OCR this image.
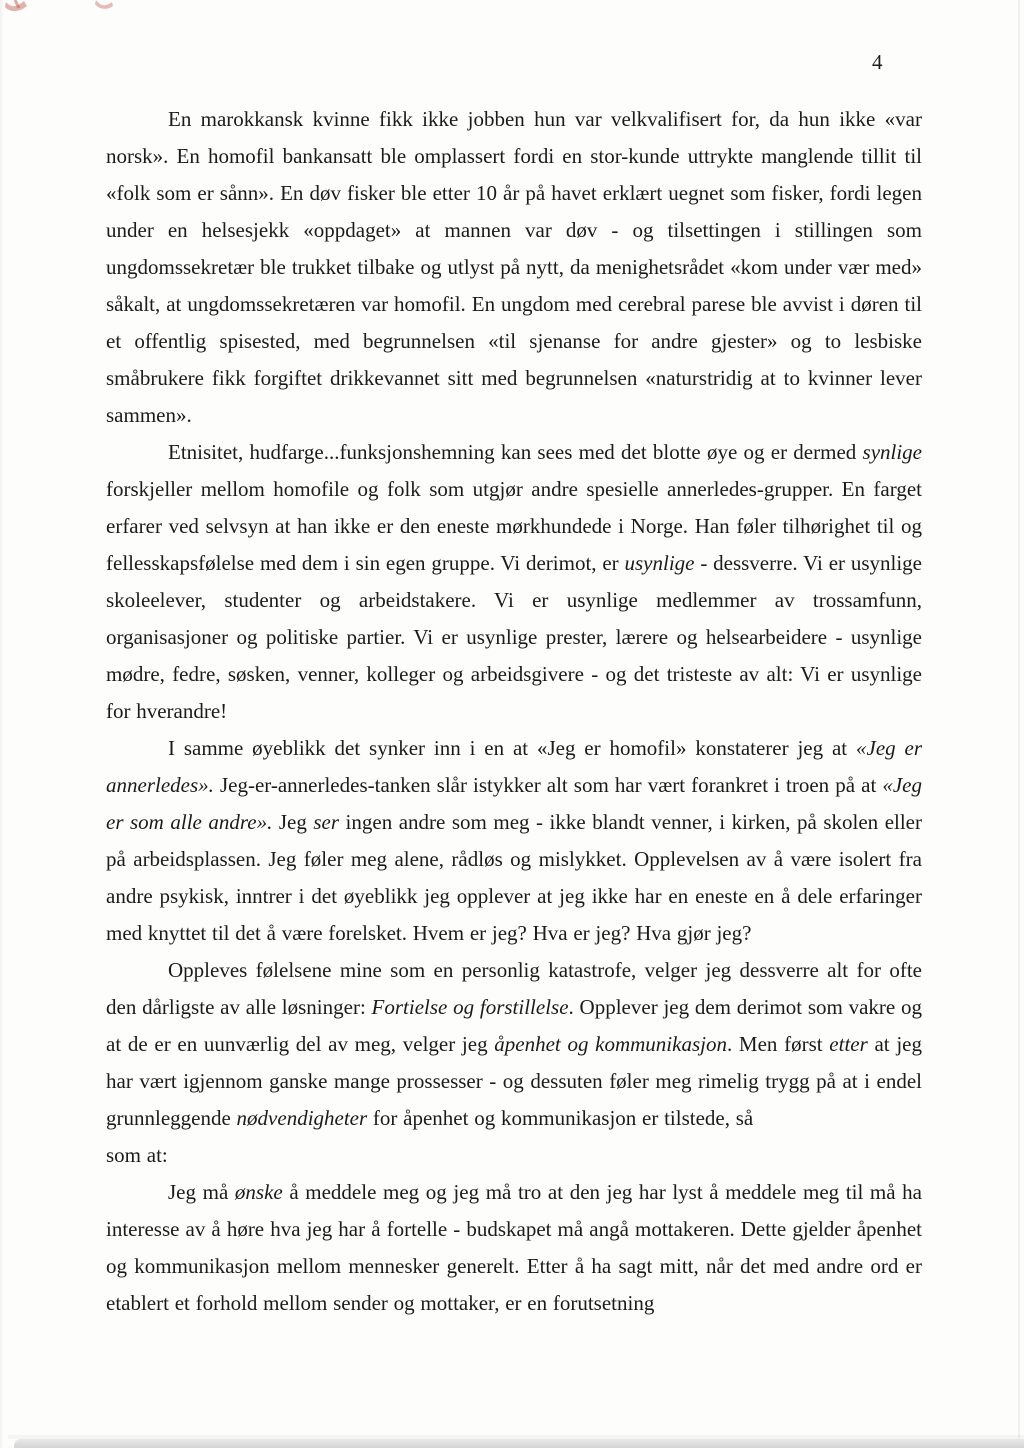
4

En marokkansk kvinne fikk ikke jobben hun var velkvalifisert for, da hun ikke «var norsk». En homofil bankansatt ble omplassert fordi en stor-kunde uttrykte manglende tillit til «folk som er sånn». En døv fisker ble etter 10 år på havet erklært uegnet som fisker, fordi legen under en helsesjekk «oppdaget» at mannen var døv - og tilsettingen i stillingen som ungdomssekretær ble trukket tilbake og utlyst på nytt, da menighetsrådet «kom under vær med» såkalt, at ungdomssekretæren var homofil. En ungdom med cerebral parese ble avvist i døren til et offentlig spisested, med begrunnelsen «til sjenanse for andre gjester» og to lesbiske småbrukere fikk forgiftet drikkevannet sitt med begrunnelsen «naturstridig at to kvinner lever sammen».

Etnisitet, hudfarge...funksjonshemning kan sees med det blotte øye og er dermed synlige forskjeller mellom homofile og folk som utgjør andre spesielle annerledes-grupper. En farget erfarer ved selvsyn at han ikke er den eneste mørkhundede i Norge. Han føler tilhørighet til og fellesskapsfølelse med dem i sin egen gruppe. Vi derimot, er usynlige - dessverre. Vi er usynlige skoleelever, studenter og arbeidstakere. Vi er usynlige medlemmer av trossamfunn, organisasjoner og politiske partier. Vi er usynlige prester, lærere og helsearbeidere - usynlige mødre, fedre, søsken, venner, kolleger og arbeidsgivere - og det tristeste av alt: Vi er usynlige for hverandre!

I samme øyeblikk det synker inn i en at «Jeg er homofil» konstaterer jeg at «Jeg er annerledes». Jeg-er-annerledes-tanken slår istykker alt som har vært forankret i troen på at «Jeg er som alle andre». Jeg ser ingen andre som meg - ikke blandt venner, i kirken, på skolen eller på arbeidsplassen. Jeg føler meg alene, rådløs og mislykket. Opplevelsen av å være isolert fra andre psykisk, inntrer i det øyeblikk jeg opplever at jeg ikke har en eneste en å dele erfaringer med knyttet til det å være forelsket. Hvem er jeg? Hva er jeg? Hva gjør jeg?

Oppleves følelsene mine som en personlig katastrofe, velger jeg dessverre alt for ofte den dårligste av alle løsninger: Fortielse og forstillelse. Opplever jeg dem derimot som vakre og at de er en uunværlig del av meg, velger jeg åpenhet og kommunikasjon. Men først etter at jeg har vært igjennom ganske mange prossesser - og dessuten føler meg rimelig trygg på at i endel grunnleggende nødvendigheter for åpenhet og kommunikasjon er tilstede, så

som at:

Jeg må ønske å meddele meg og jeg må tro at den jeg har lyst å meddele meg til må ha interesse av å høre hva jeg har å fortelle - budskapet må angå mottakeren. Dette gjelder åpenhet og kommunikasjon mellom mennesker generelt. Etter å ha sagt mitt, når det med andre ord er etablert et forhold mellom sender og mottaker, er en forutsetning
